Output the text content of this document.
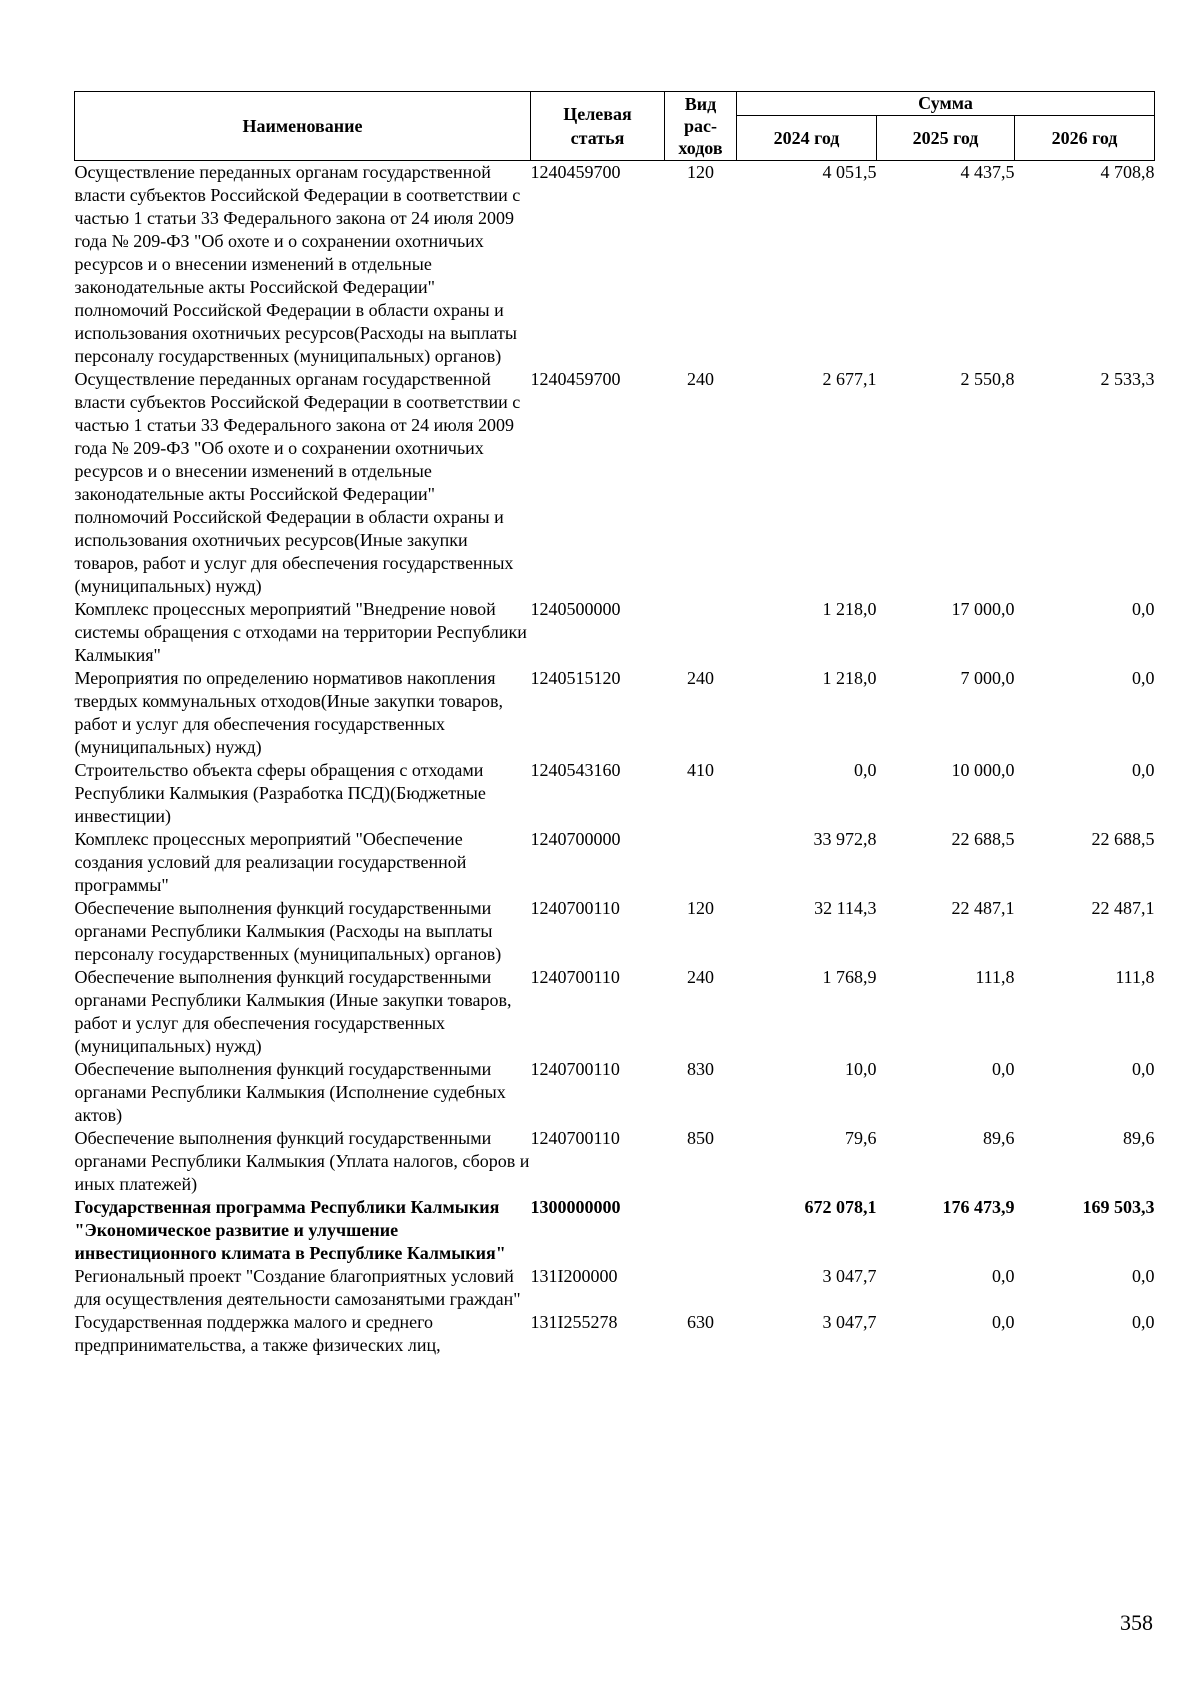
Наименование	Целевая статья	Вид рас-ходов	Сумма		
			2024 год	2025 год	2026 год
Осуществление переданных органам государственной власти субъектов Российской Федерации в соответствии с частью 1 статьи 33 Федерального закона от 24 июля 2009 года № 209-ФЗ "Об охоте и о сохранении охотничьих ресурсов и о внесении изменений в отдельные законодательные акты Российской Федерации" полномочий Российской Федерации в области охраны и использования охотничьих ресурсов(Расходы на выплаты персоналу государственных (муниципальных) органов)	1240459700	120	4 051,5	4 437,5	4 708,8
Осуществление переданных органам государственной власти субъектов Российской Федерации в соответствии с частью 1 статьи 33 Федерального закона от 24 июля 2009 года № 209-ФЗ "Об охоте и о сохранении охотничьих ресурсов и о внесении изменений в отдельные законодательные акты Российской Федерации" полномочий Российской Федерации в области охраны и использования охотничьих ресурсов(Иные закупки товаров, работ и услуг для обеспечения государственных (муниципальных) нужд)	1240459700	240	2 677,1	2 550,8	2 533,3
Комплекс процессных мероприятий "Внедрение новой системы обращения с отходами на территории Республики Калмыкия"	1240500000		1 218,0	17 000,0	0,0
Мероприятия по определению нормативов накопления твердых коммунальных отходов(Иные закупки товаров, работ и услуг для обеспечения государственных (муниципальных) нужд)	1240515120	240	1 218,0	7 000,0	0,0
Строительство объекта сферы обращения с отходами Республики Калмыкия (Разработка ПСД)(Бюджетные инвестиции)	1240543160	410	0,0	10 000,0	0,0
Комплекс процессных мероприятий "Обеспечение создания условий для реализации государственной программы"	1240700000		33 972,8	22 688,5	22 688,5
Обеспечение выполнения функций государственными органами Республики Калмыкия (Расходы на выплаты персоналу государственных (муниципальных) органов)	1240700110	120	32 114,3	22 487,1	22 487,1
Обеспечение выполнения функций государственными органами Республики Калмыкия (Иные закупки товаров, работ и услуг для обеспечения государственных (муниципальных) нужд)	1240700110	240	1 768,9	111,8	111,8
Обеспечение выполнения функций государственными органами Республики Калмыкия (Исполнение судебных актов)	1240700110	830	10,0	0,0	0,0
Обеспечение выполнения функций государственными органами Республики Калмыкия (Уплата налогов, сборов и иных платежей)	1240700110	850	79,6	89,6	89,6
Государственная программа Республики Калмыкия "Экономическое развитие и улучшение инвестиционного климата в Республике Калмыкия"	1300000000		672 078,1	176 473,9	169 503,3
Региональный проект "Создание благоприятных условий для осуществления деятельности самозанятыми граждан"	131I200000		3 047,7	0,0	0,0
Государственная поддержка малого и среднего предпринимательства, а также физических лиц,	131I255278	630	3 047,7	0,0	0,0
358
